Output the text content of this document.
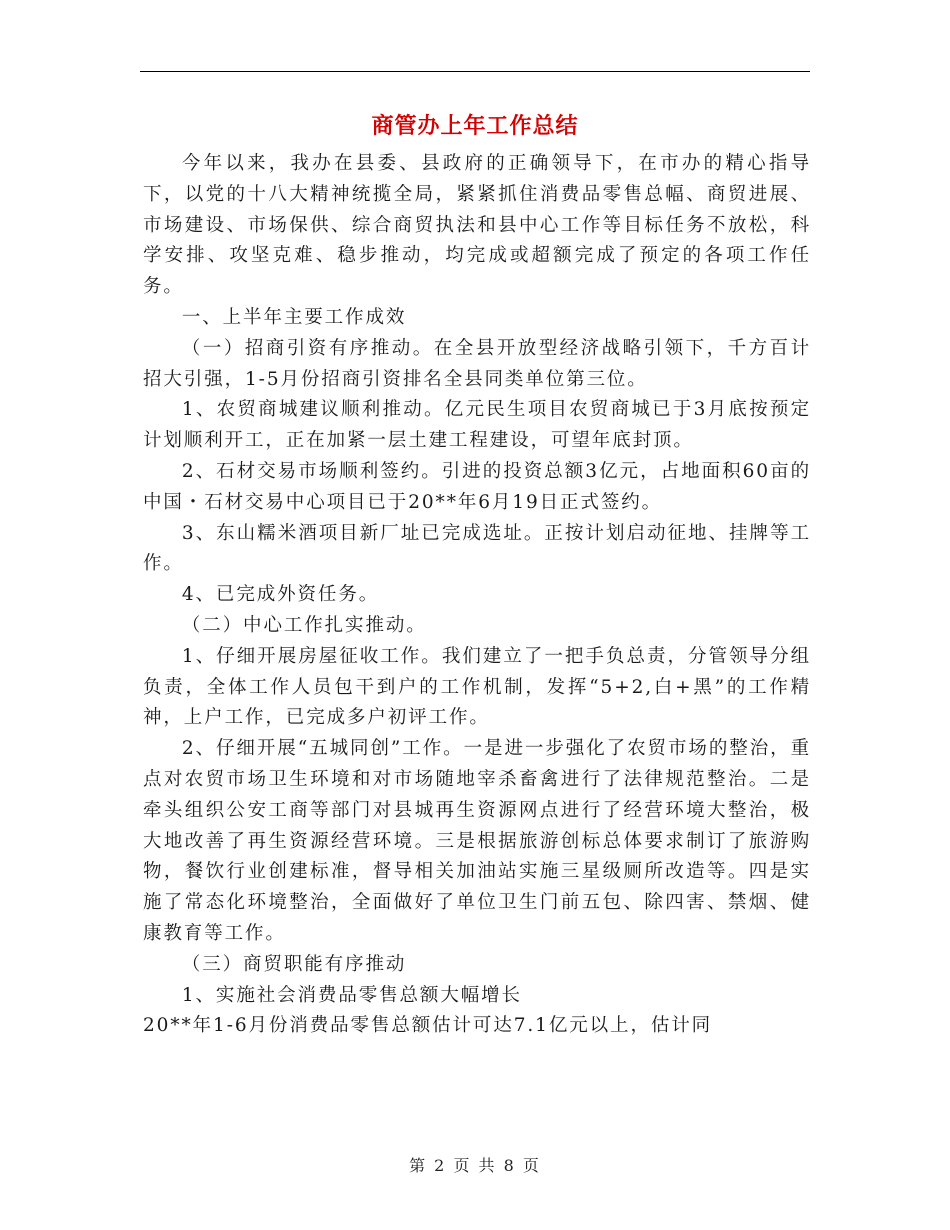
商管办上年工作总结

今年以来，我办在县委、县政府的正确领导下，在市办的精心指导下，以党的十八大精神统揽全局，紧紧抓住消费品零售总幅、商贸进展、市场建设、市场保供、综合商贸执法和县中心工作等目标任务不放松，科学安排、攻坚克难、稳步推动，均完成或超额完成了预定的各项工作任务。

一、上半年主要工作成效

（一）招商引资有序推动。在全县开放型经济战略引领下，千方百计招大引强，1-5月份招商引资排名全县同类单位第三位。

1、农贸商城建议顺利推动。亿元民生项目农贸商城已于3月底按预定计划顺利开工，正在加紧一层土建工程建设，可望年底封顶。

2、石材交易市场顺利签约。引进的投资总额3亿元，占地面积60亩的中国・石材交易中心项目已于20**年6月19日正式签约。

3、东山糯米酒项目新厂址已完成选址。正按计划启动征地、挂牌等工作。

4、已完成外资任务。

（二）中心工作扎实推动。

1、仔细开展房屋征收工作。我们建立了一把手负总责，分管领导分组负责，全体工作人员包干到户的工作机制，发挥“5+2,白+黑”的工作精神，上户工作，已完成多户初评工作。

2、仔细开展“五城同创”工作。一是进一步强化了农贸市场的整治，重点对农贸市场卫生环境和对市场随地宰杀畜禽进行了法律规范整治。二是牵头组织公安工商等部门对县城再生资源网点进行了经营环境大整治，极大地改善了再生资源经营环境。三是根据旅游创标总体要求制订了旅游购物，餐饮行业创建标准，督导相关加油站实施三星级厕所改造等。四是实施了常态化环境整治，全面做好了单位卫生门前五包、除四害、禁烟、健康教育等工作。

（三）商贸职能有序推动

1、实施社会消费品零售总额大幅增长

20**年1-6月份消费品零售总额估计可达7.1亿元以上，估计同

第 2 页 共 8 页
